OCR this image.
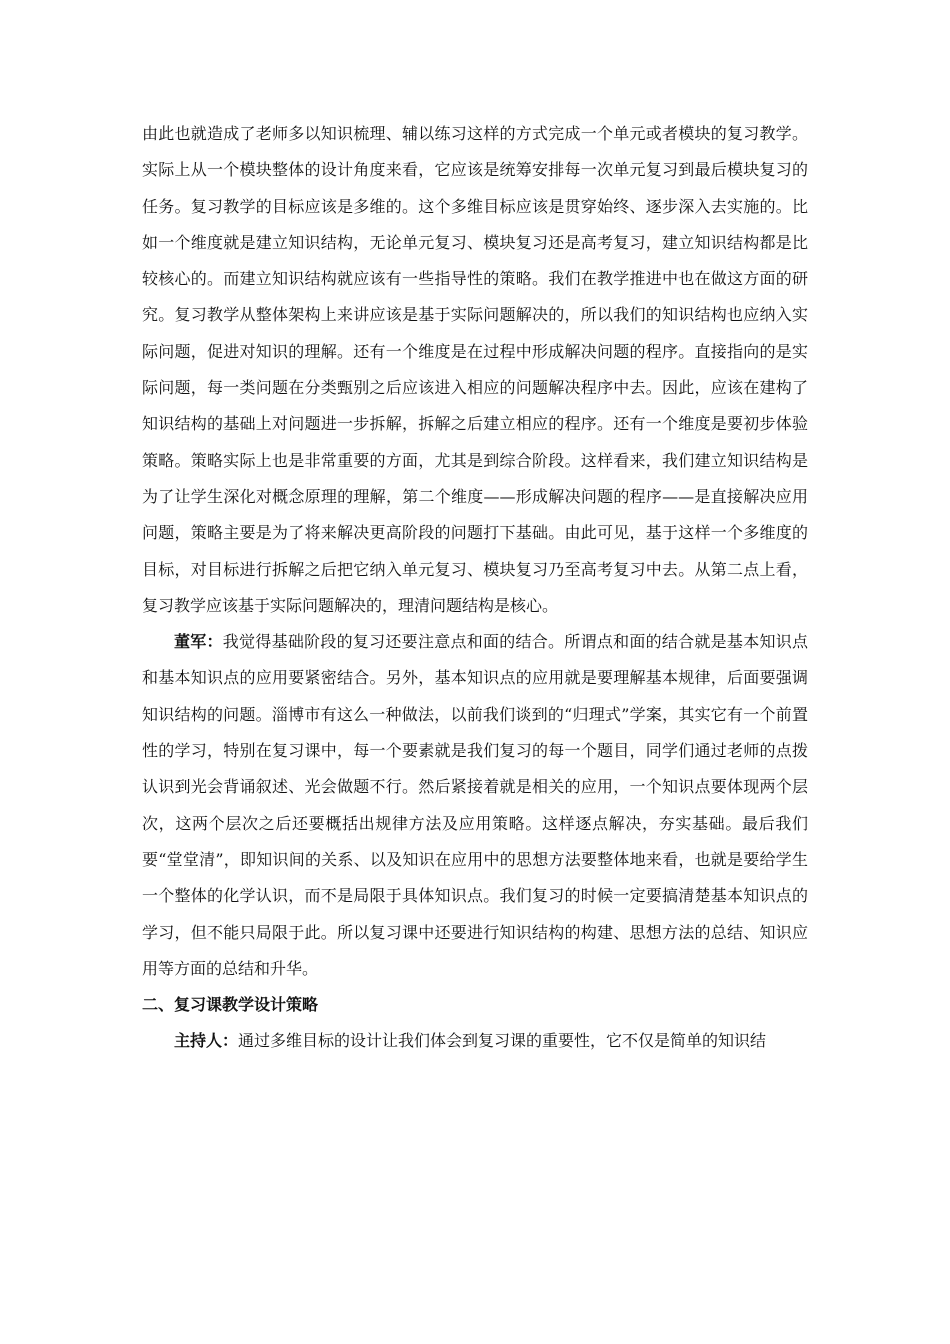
由此也就造成了老师多以知识梳理、辅以练习这样的方式完成一个单元或者模块的复习教学。实际上从一个模块整体的设计角度来看，它应该是统筹安排每一次单元复习到最后模块复习的任务。复习教学的目标应该是多维的。这个多维目标应该是贯穿始终、逐步深入去实施的。比如一个维度就是建立知识结构，无论单元复习、模块复习还是高考复习，建立知识结构都是比较核心的。而建立知识结构就应该有一些指导性的策略。我们在教学推进中也在做这方面的研究。复习教学从整体架构上来讲应该是基于实际问题解决的，所以我们的知识结构也应纳入实际问题，促进对知识的理解。还有一个维度是在过程中形成解决问题的程序。直接指向的是实际问题，每一类问题在分类甄别之后应该进入相应的问题解决程序中去。因此，应该在建构了知识结构的基础上对问题进一步拆解，拆解之后建立相应的程序。还有一个维度是要初步体验策略。策略实际上也是非常重要的方面，尤其是到综合阶段。这样看来，我们建立知识结构是为了让学生深化对概念原理的理解，第二个维度——形成解决问题的程序——是直接解决应用问题，策略主要是为了将来解决更高阶段的问题打下基础。由此可见，基于这样一个多维度的目标，对目标进行拆解之后把它纳入单元复习、模块复习乃至高考复习中去。从第二点上看，复习教学应该基于实际问题解决的，理清问题结构是核心。

董军：我觉得基础阶段的复习还要注意点和面的结合。所谓点和面的结合就是基本知识点和基本知识点的应用要紧密结合。另外，基本知识点的应用就是要理解基本规律，后面要强调知识结构的问题。淄博市有这么一种做法，以前我们谈到的“归理式”学案，其实它有一个前置性的学习，特别在复习课中，每一个要素就是我们复习的每一个题目，同学们通过老师的点拨认识到光会背诵叙述、光会做题不行。然后紧接着就是相关的应用，一个知识点要体现两个层次，这两个层次之后还要概括出规律方法及应用策略。这样逐点解决，夯实基础。最后我们要“堂堂清”，即知识间的关系、以及知识在应用中的思想方法要整体地来看，也就是要给学生一个整体的化学认识，而不是局限于具体知识点。我们复习的时候一定要搞清楚基本知识点的学习，但不能只局限于此。所以复习课中还要进行知识结构的构建、思想方法的总结、知识应用等方面的总结和升华。

二、复习课教学设计策略

主持人：通过多维目标的设计让我们体会到复习课的重要性，它不仅是简单的知识结
